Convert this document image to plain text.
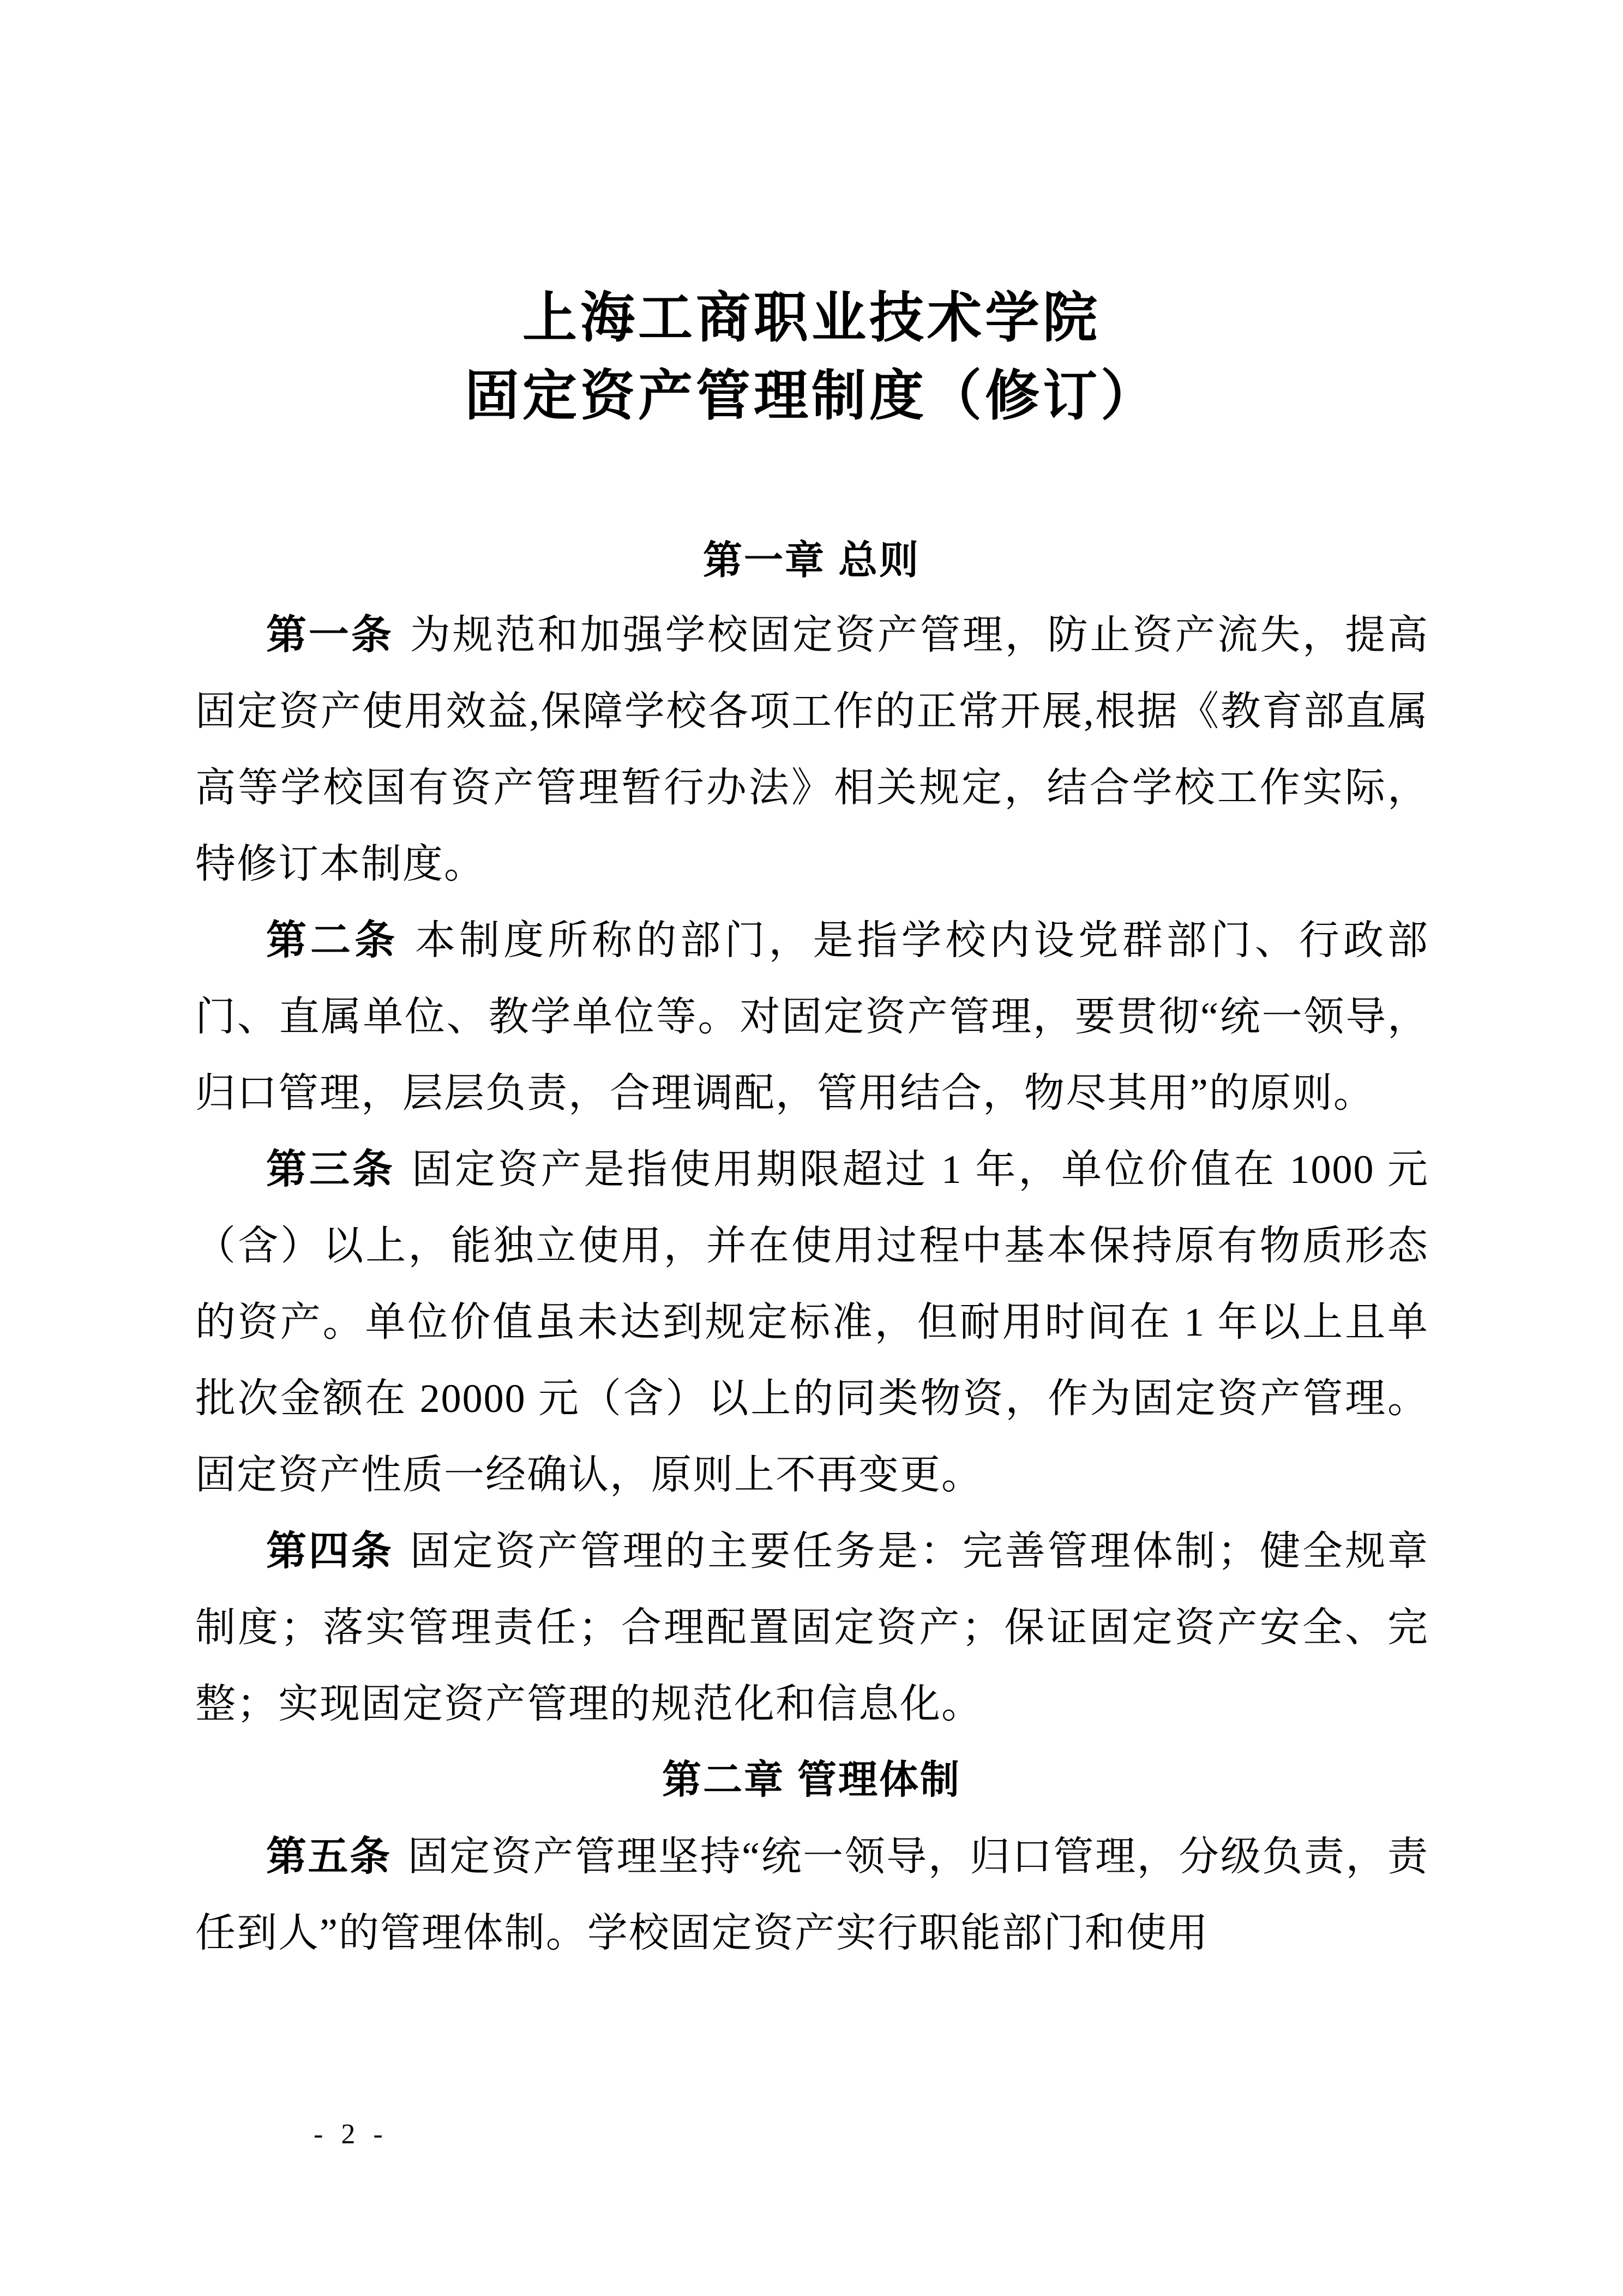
上海工商职业技术学院
固定资产管理制度（修订）
第一章 总则

第一条 为规范和加强学校固定资产管理，防止资产流失，提高固定资产使用效益,保障学校各项工作的正常开展,根据《教育部直属高等学校国有资产管理暂行办法》相关规定，结合学校工作实际，特修订本制度。

第二条 本制度所称的部门，是指学校内设党群部门、行政部门、直属单位、教学单位等。对固定资产管理，要贯彻“统一领导，归口管理，层层负责，合理调配，管用结合，物尽其用”的原则。

第三条 固定资产是指使用期限超过 1 年，单位价值在 1000 元（含）以上，能独立使用，并在使用过程中基本保持原有物质形态的资产。单位价值虽未达到规定标准，但耐用时间在 1 年以上且单批次金额在 20000 元（含）以上的同类物资，作为固定资产管理。固定资产性质一经确认，原则上不再变更。

第四条 固定资产管理的主要任务是：完善管理体制；健全规章制度；落实管理责任；合理配置固定资产；保证固定资产安全、完整；实现固定资产管理的规范化和信息化。

第二章 管理体制

第五条 固定资产管理坚持“统一领导，归口管理，分级负责，责任到人”的管理体制。学校固定资产实行职能部门和使用

- 2 -
